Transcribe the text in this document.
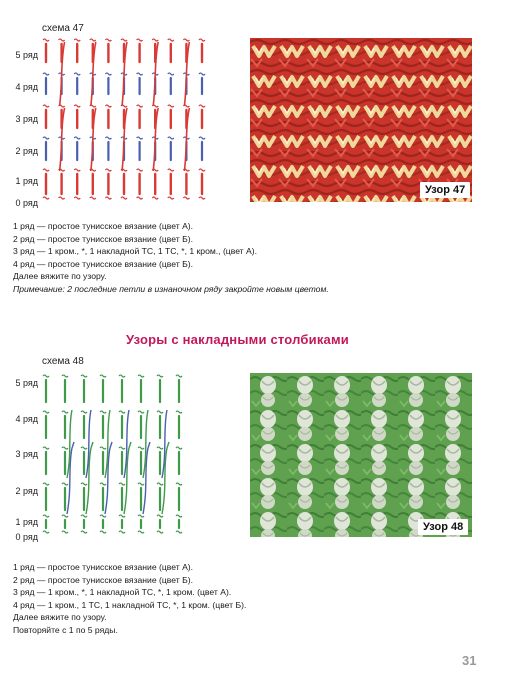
схема 47
5 ряд
4 ряд
3 ряд
2 ряд
1 ряд
0 ряд
Узор 47
1 ряд — простое тунисское вязание (цвет А).
2 ряд — простое тунисское вязание (цвет Б).
3 ряд — 1 кром., *, 1 накладной ТС, 1 ТС, *, 1 кром., (цвет А).
4 ряд — простое тунисское вязание (цвет Б).
Далее вяжите по узору.
Примечание: 2 последние петли в изнаночном ряду закройте новым цветом.
Узоры с накладными столбиками
схема 48
5 ряд
4 ряд
3 ряд
2 ряд
1 ряд
0 ряд
Узор 48
1 ряд — простое тунисское вязание (цвет А).
2 ряд — простое тунисское вязание (цвет Б).
3 ряд — 1 кром., *, 1 накладной ТС, *, 1 кром. (цвет А).
4 ряд — 1 кром., 1 ТС, 1 накладной ТС, *, 1 кром. (цвет Б).
Далее вяжите по узору.
Повторяйте с 1 по 5 ряды.
31
PassionForum.ru
